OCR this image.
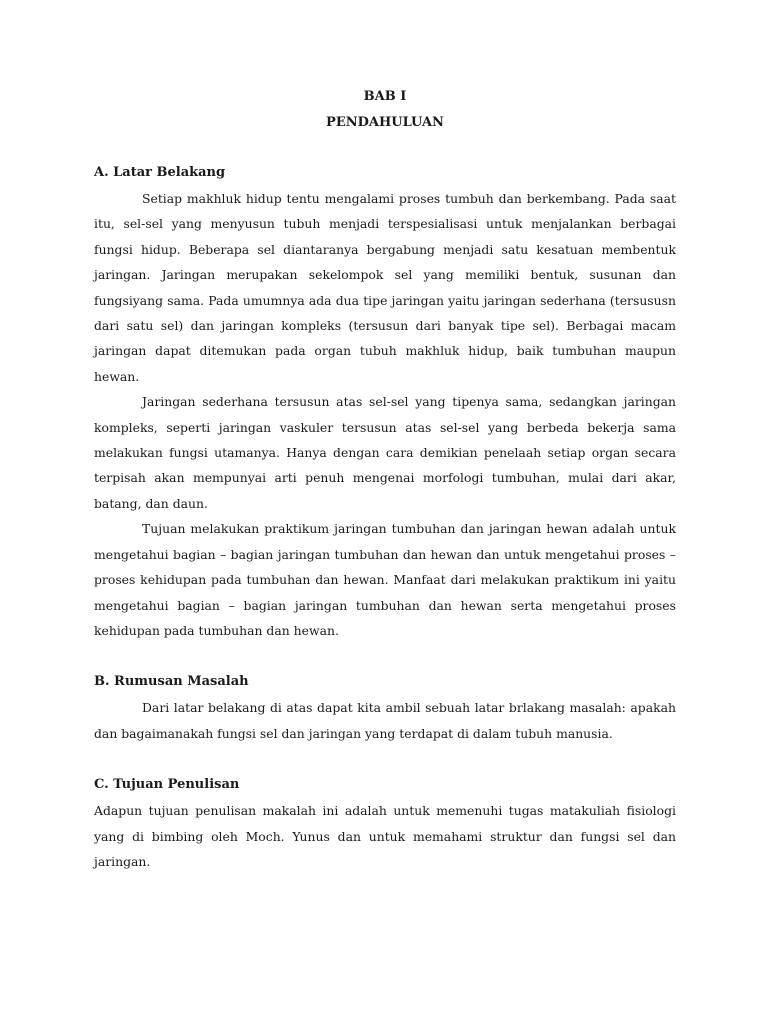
BAB I

PENDAHULUAN

A. Latar Belakang

Setiap makhluk hidup tentu mengalami proses tumbuh dan berkembang. Pada saat itu, sel-sel yang menyusun tubuh menjadi terspesialisasi untuk menjalankan berbagai fungsi hidup. Beberapa sel diantaranya bergabung menjadi satu kesatuan membentuk jaringan. Jaringan merupakan sekelompok sel yang memiliki bentuk, susunan dan fungsiyang sama. Pada umumnya ada dua tipe jaringan yaitu jaringan sederhana (tersususn dari satu sel) dan jaringan kompleks (tersusun dari banyak tipe sel). Berbagai macam jaringan dapat ditemukan pada organ tubuh makhluk hidup, baik tumbuhan maupun hewan.

Jaringan sederhana tersusun atas sel-sel yang tipenya sama, sedangkan jaringan kompleks, seperti jaringan vaskuler tersusun atas sel-sel yang berbeda bekerja sama melakukan fungsi utamanya. Hanya dengan cara demikian penelaah setiap organ secara terpisah akan mempunyai arti penuh mengenai morfologi tumbuhan, mulai dari akar, batang, dan daun.

Tujuan melakukan praktikum jaringan tumbuhan dan jaringan hewan adalah untuk mengetahui bagian – bagian jaringan tumbuhan dan hewan dan untuk mengetahui proses – proses kehidupan pada tumbuhan dan hewan. Manfaat dari melakukan praktikum ini yaitu mengetahui bagian – bagian jaringan tumbuhan dan hewan serta mengetahui proses kehidupan pada tumbuhan dan hewan.

B. Rumusan Masalah

Dari latar belakang di atas dapat kita ambil sebuah latar brlakang masalah: apakah dan bagaimanakah fungsi sel dan jaringan yang terdapat di dalam tubuh manusia.

C. Tujuan Penulisan

Adapun tujuan penulisan makalah ini adalah untuk memenuhi tugas matakuliah fisiologi yang di bimbing oleh Moch. Yunus dan untuk memahami struktur dan fungsi sel dan jaringan.
